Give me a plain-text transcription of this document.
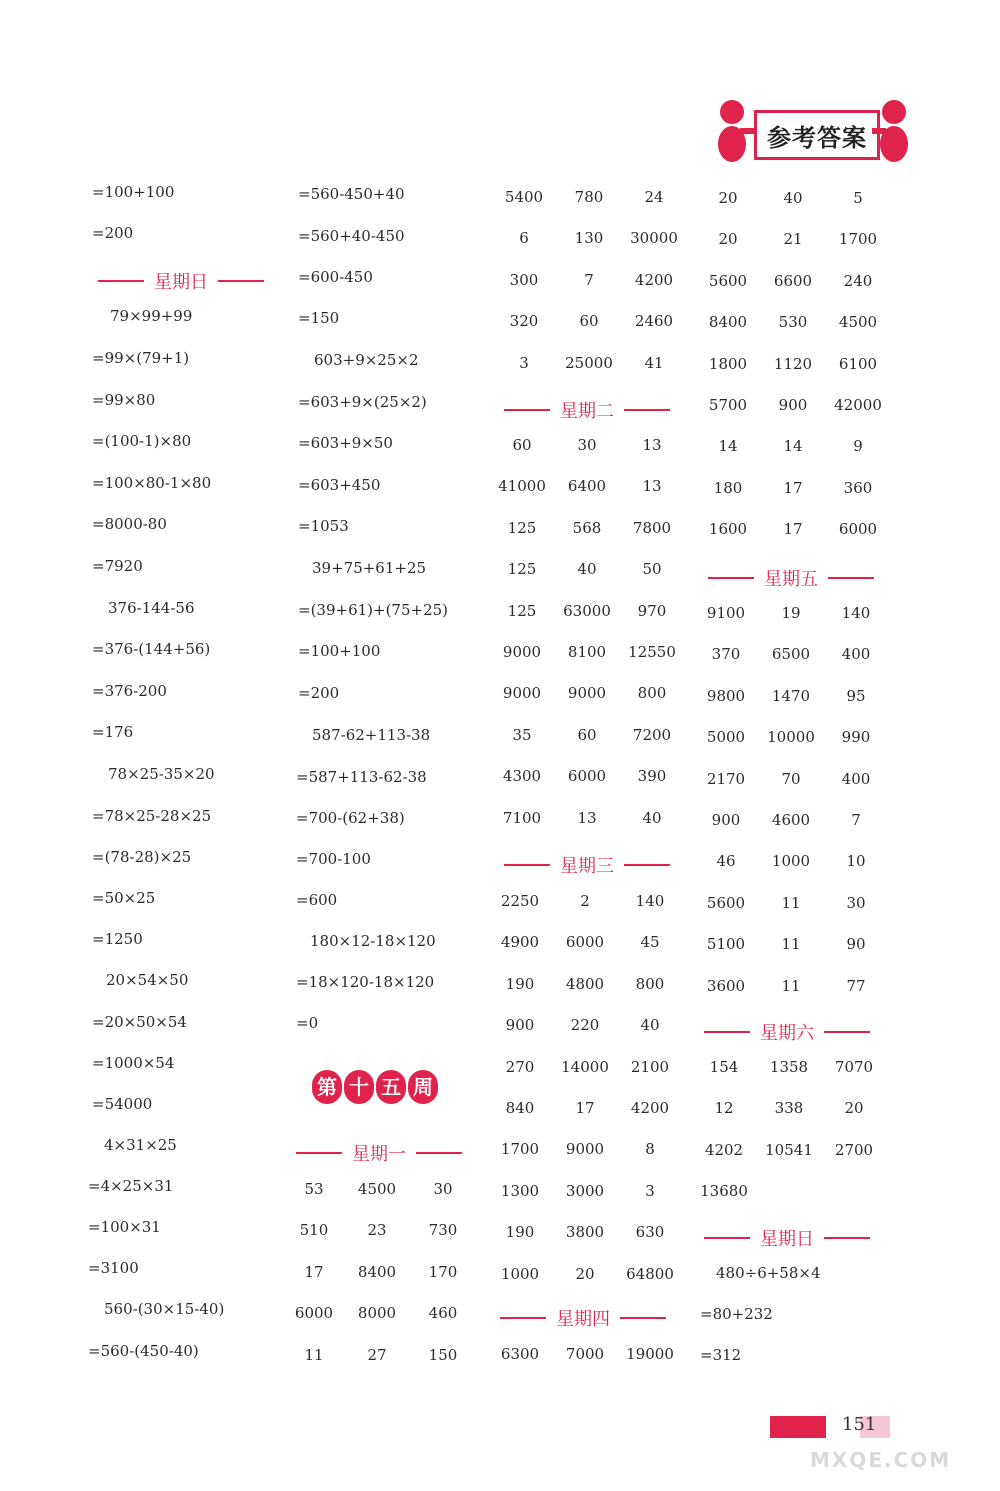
参考答案
=100+100
=200
79×99+99
=99×(79+1)
=99×80
=(100-1)×80
=100×80-1×80
=8000-80
=7920
376-144-56
=376-(144+56)
=376-200
=176
78×25-35×20
=78×25-28×25
=(78-28)×25
=50×25
=1250
20×54×50
=20×50×54
=1000×54
=54000
4×31×25
=4×25×31
=100×31
=3100
560-(30×15-40)
=560-(450-40)
星期日
=560-450+40
=560+40-450
=600-450
=150
603+9×25×2
=603+9×(25×2)
=603+9×50
=603+450
=1053
39+75+61+25
=(39+61)+(75+25)
=100+100
=200
587-62+113-38
=587+113-62-38
=700-(62+38)
=700-100
=600
180×12-18×120
=18×120-18×120
=0
第 十 五 周
星期一
53	4500	30
510	23	730
17	8400	170
6000	8000	460
11	27	150
5400	780	24
6	130	30000
300	7	4200
320	60	2460
3	25000	41
星期二
60	30	13
41000	6400	13
125	568	7800
125	40	50
125	63000	970
9000	8100	12550
9000	9000	800
35	60	7200
4300	6000	390
7100	13	40
星期三
2250	2	140
4900	6000	45
190	4800	800
900	220	40
270	14000	2100
840	17	4200
1700	9000	8
1300	3000	3
190	3800	630
1000	20	64800
星期四
6300	7000	19000
20	40	5
20	21	1700
5600	6600	240
8400	530	4500
1800	1120	6100
5700	900	42000
14	14	9
180	17	360
1600	17	6000
星期五
9100	19	140
370	6500	400
9800	1470	95
5000	10000	990
2170	70	400
900	4600	7
46	1000	10
5600	11	30
5100	11	90
3600	11	77
星期六
154	1358	7070
12	338	20
4202	10541	2700
13680
星期日
480÷6+58×4
=80+232
=312
151
MXQE.COM
